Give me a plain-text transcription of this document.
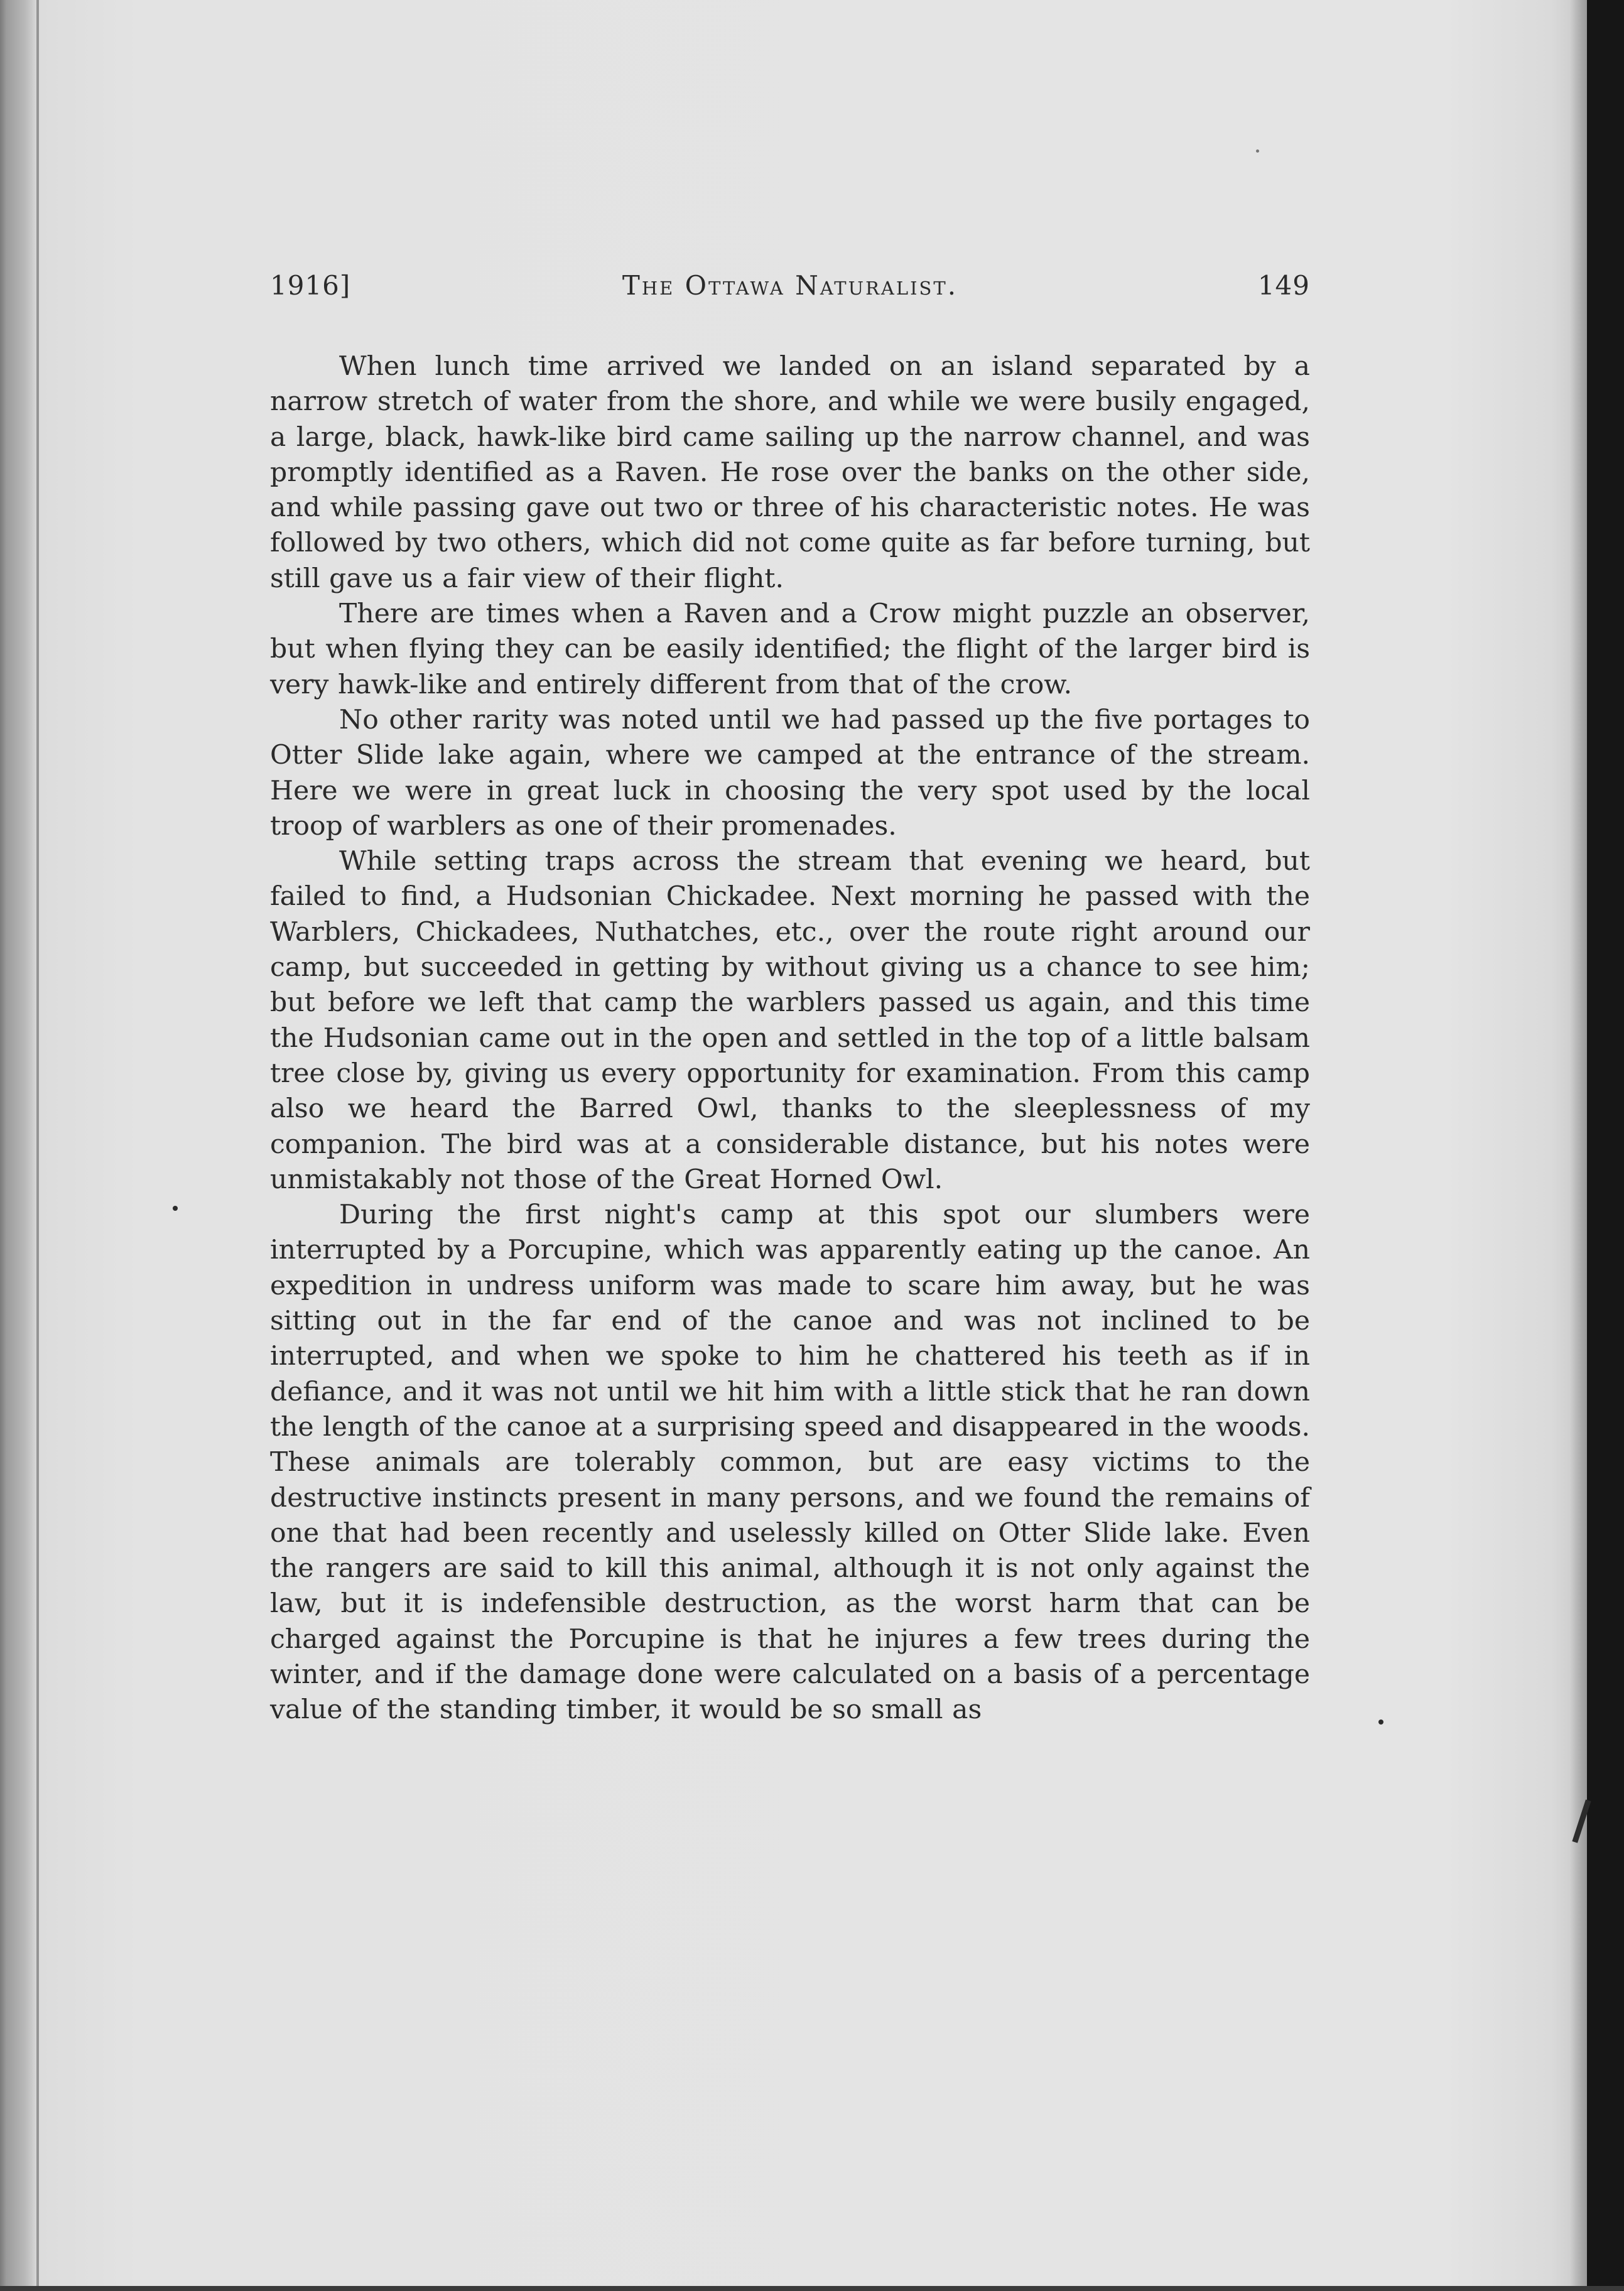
1916]	The Ottawa Naturalist.	149

When lunch time arrived we landed on an island separated by a narrow stretch of water from the shore, and while we were busily engaged, a large, black, hawk-like bird came sailing up the narrow channel, and was promptly identified as a Raven. He rose over the banks on the other side, and while passing gave out two or three of his characteristic notes. He was followed by two others, which did not come quite as far before turning, but still gave us a fair view of their flight.

There are times when a Raven and a Crow might puzzle an observer, but when flying they can be easily identified; the flight of the larger bird is very hawk-like and entirely different from that of the crow.

No other rarity was noted until we had passed up the five portages to Otter Slide lake again, where we camped at the entrance of the stream. Here we were in great luck in choosing the very spot used by the local troop of warblers as one of their promenades.

While setting traps across the stream that evening we heard, but failed to find, a Hudsonian Chickadee. Next morning he passed with the Warblers, Chickadees, Nuthatches, etc., over the route right around our camp, but succeeded in getting by without giving us a chance to see him; but before we left that camp the warblers passed us again, and this time the Hudsonian came out in the open and settled in the top of a little balsam tree close by, giving us every opportunity for examination. From this camp also we heard the Barred Owl, thanks to the sleeplessness of my companion. The bird was at a considerable distance, but his notes were unmistakably not those of the Great Horned Owl.

During the first night's camp at this spot our slumbers were interrupted by a Porcupine, which was apparently eating up the canoe. An expedition in undress uniform was made to scare him away, but he was sitting out in the far end of the canoe and was not inclined to be interrupted, and when we spoke to him he chattered his teeth as if in defiance, and it was not until we hit him with a little stick that he ran down the length of the canoe at a surprising speed and disappeared in the woods. These animals are tolerably common, but are easy victims to the destructive instincts present in many persons, and we found the remains of one that had been recently and uselessly killed on Otter Slide lake. Even the rangers are said to kill this animal, although it is not only against the law, but it is indefensible destruction, as the worst harm that can be charged against the Porcupine is that he injures a few trees during the winter, and if the damage done were calculated on a basis of a percentage value of the standing timber, it would be so small as
